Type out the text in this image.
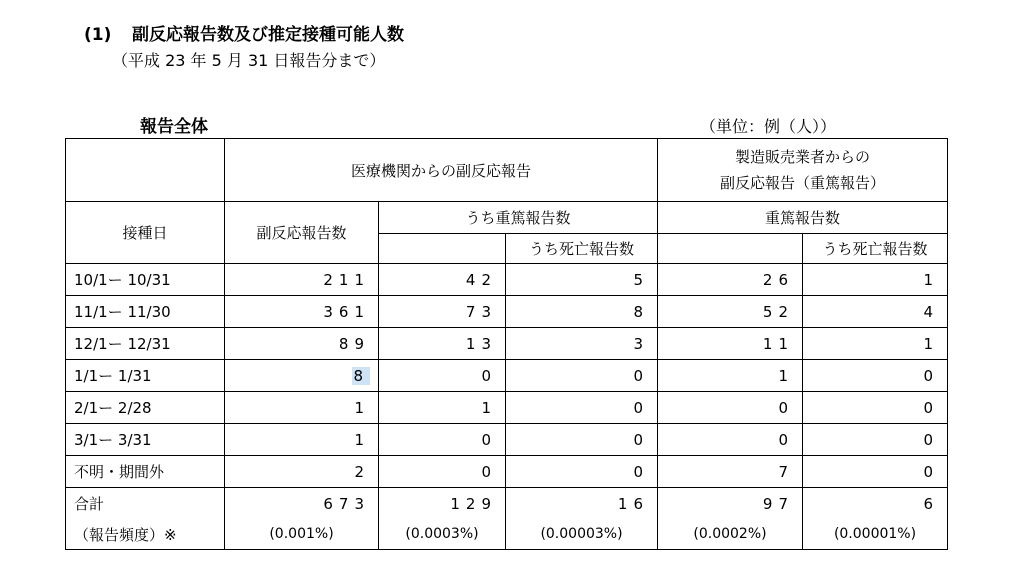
(1) 副反応報告数及び推定接種可能人数
（平成 23 年 5 月 31 日報告分まで）
報告全体	（単位：例（人））
	医療機関からの副反応報告			製造販売業者からの
副反応報告（重篤報告）	

接種日	副反応報告数	うち重篤報告数		重篤報告数	
			うち死亡報告数		うち死亡報告数
10/1ー 10/31	211	42	5	26	1
11/1ー 11/30	361	73	8	52	4
12/1ー 12/31	89	13	3	11	1
1/1ー 1/31	8	0	0	1	0
2/1ー 2/28	1	1	0	0	0
3/1ー 3/31	1	0	0	0	0
不明・期間外	2	0	0	7	0
合計	673	129	16	97	6
（報告頻度）※	(0.001%)	(0.0003%)	(0.00003%)	(0.0002%)	(0.00001%)
